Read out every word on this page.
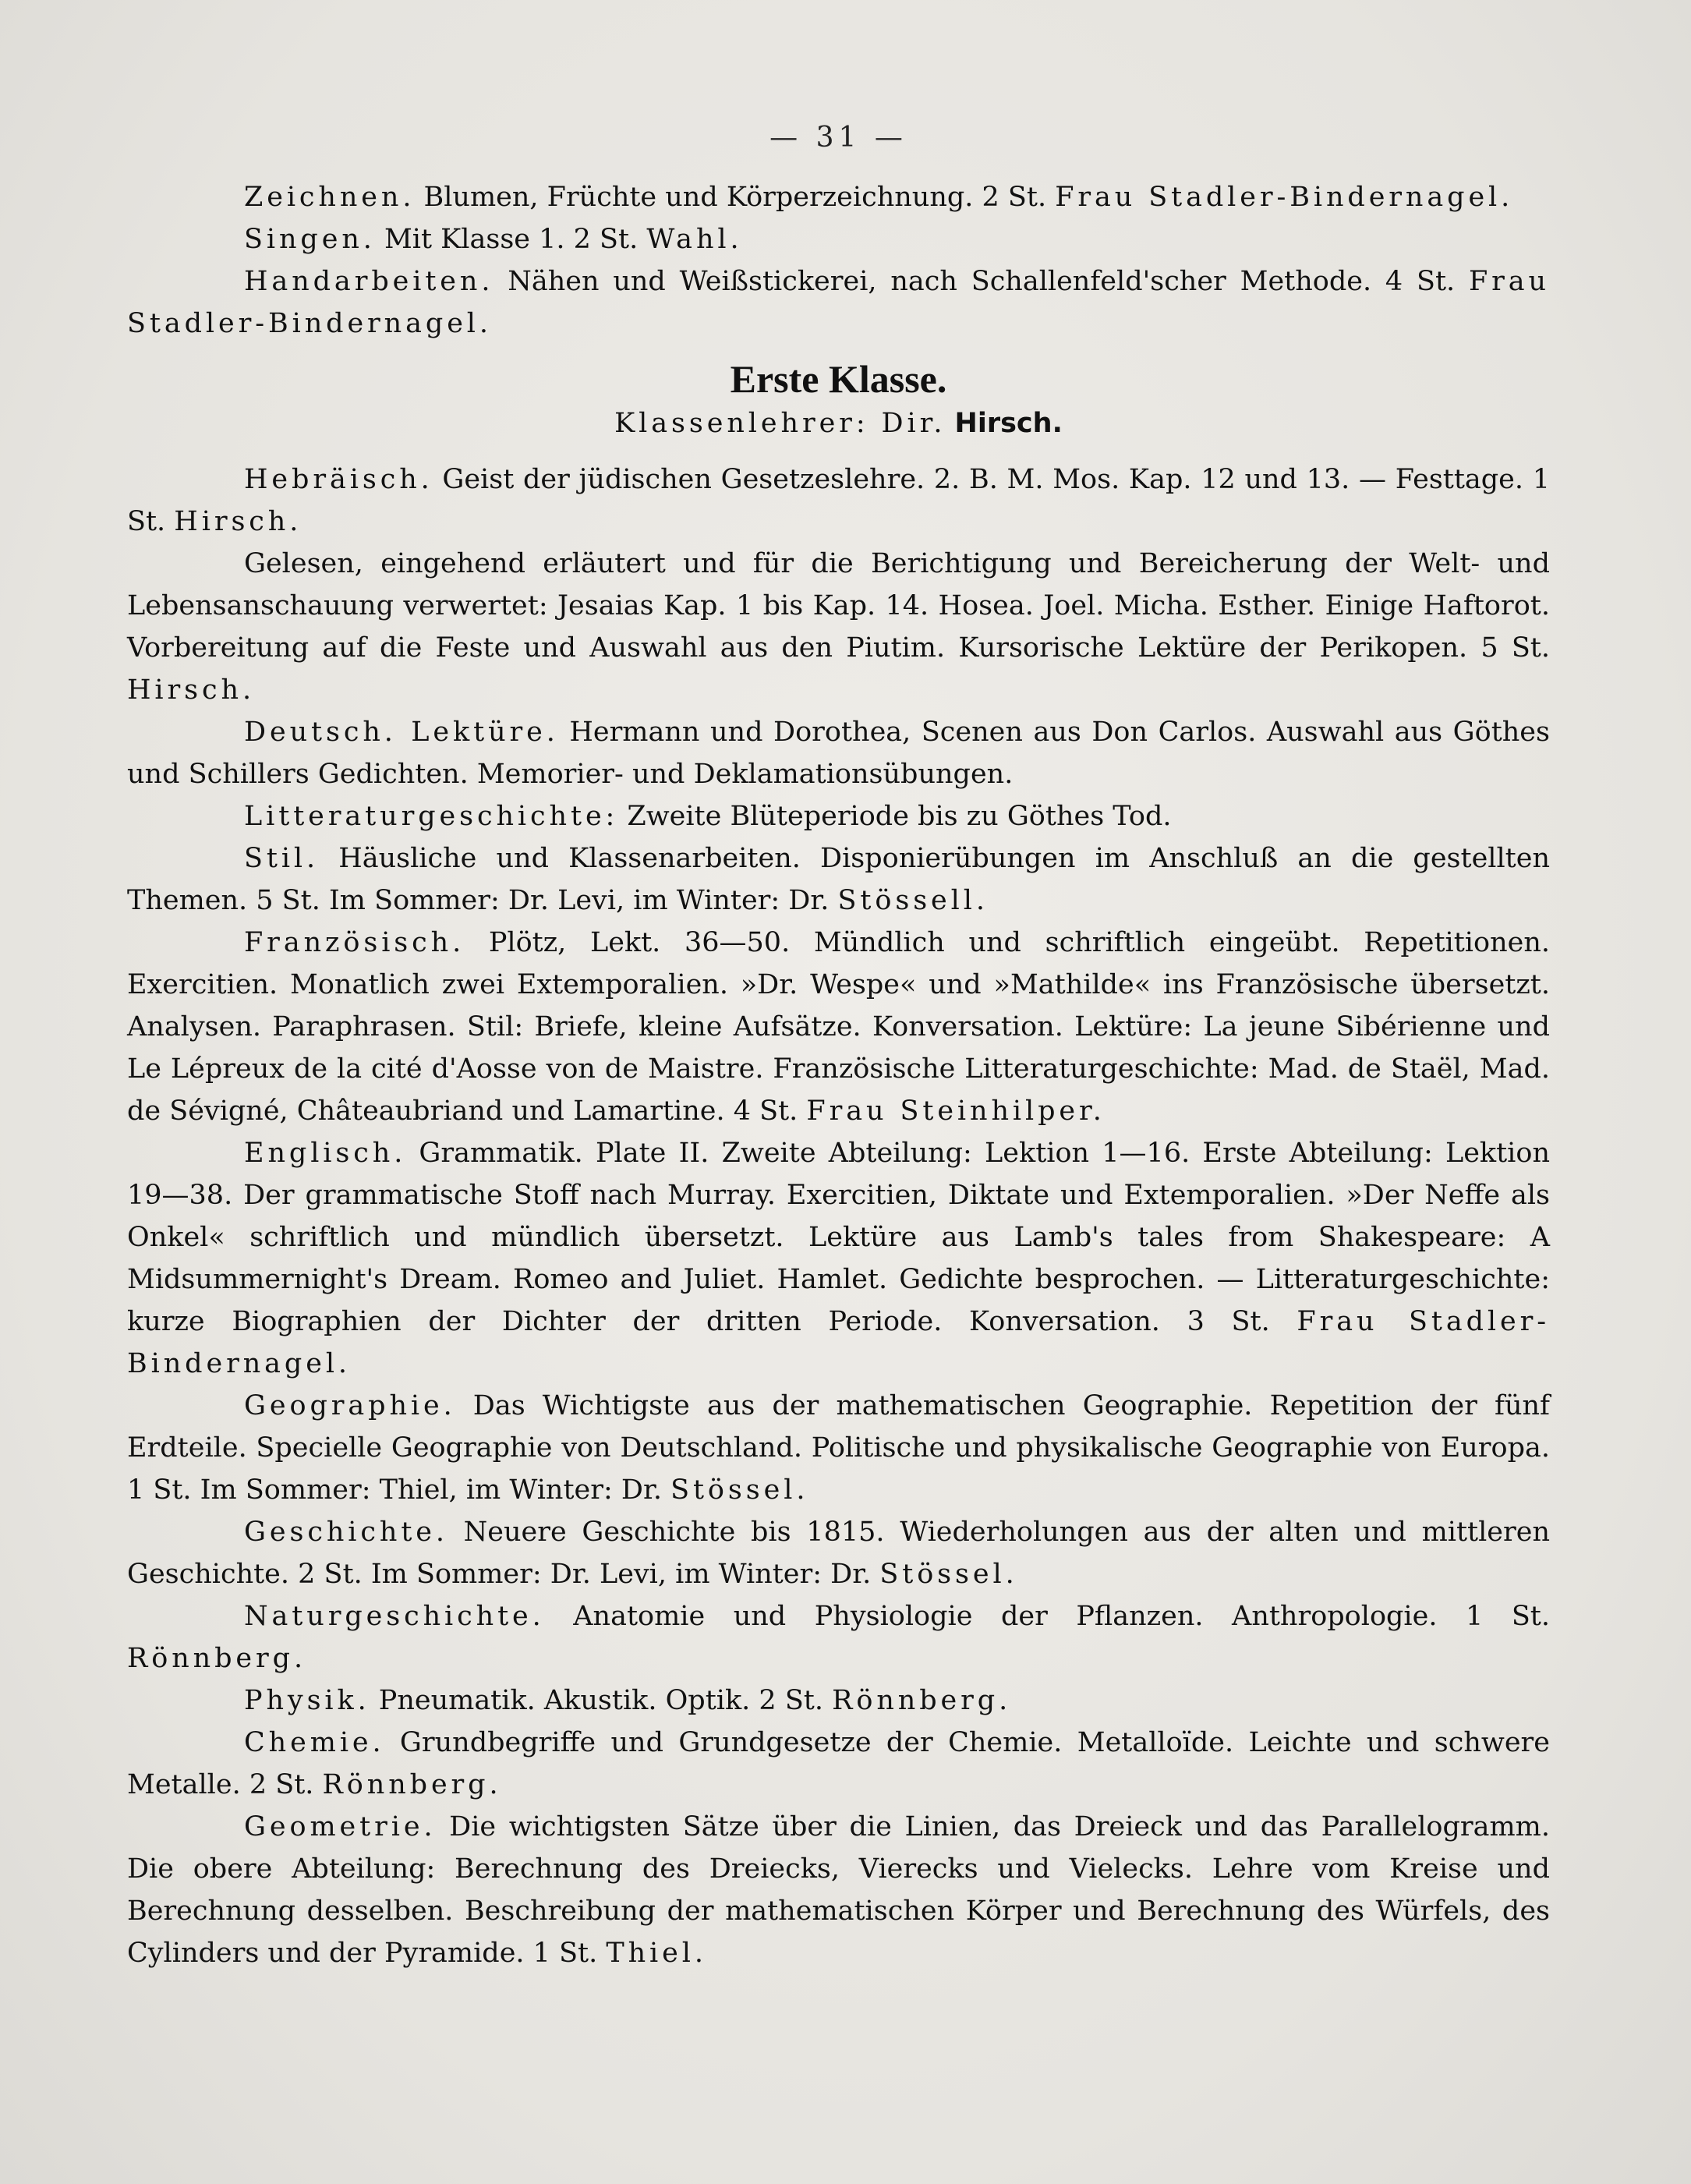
— 31 —

Zeichnen. Blumen, Früchte und Körperzeichnung. 2 St. Frau Stadler-Bindernagel.

Singen. Mit Klasse 1. 2 St. Wahl.

Handarbeiten. Nähen und Weißstickerei, nach Schallenfeld'scher Methode. 4 St. Frau Stadler-Bindernagel.

Erste Klasse.

Klassenlehrer: Dir. Hirsch.

Hebräisch. Geist der jüdischen Gesetzeslehre. 2. B. M. Mos. Kap. 12 und 13. — Festtage. 1 St. Hirsch.

Gelesen, eingehend erläutert und für die Berichtigung und Bereicherung der Welt- und Lebensanschauung verwertet: Jesaias Kap. 1 bis Kap. 14. Hosea. Joel. Micha. Esther. Einige Haftorot. Vorbereitung auf die Feste und Auswahl aus den Piutim. Kursorische Lektüre der Perikopen. 5 St. Hirsch.

Deutsch. Lektüre. Hermann und Dorothea, Scenen aus Don Carlos. Auswahl aus Göthes und Schillers Gedichten. Memorier- und Deklamationsübungen.

Litteraturgeschichte: Zweite Blüteperiode bis zu Göthes Tod.

Stil. Häusliche und Klassenarbeiten. Disponierübungen im Anschluß an die gestellten Themen. 5 St. Im Sommer: Dr. Levi, im Winter: Dr. Stössell.

Französisch. Plötz, Lekt. 36—50. Mündlich und schriftlich eingeübt. Repetitionen. Exercitien. Monatlich zwei Extemporalien. »Dr. Wespe« und »Mathilde« ins Französische übersetzt. Analysen. Paraphrasen. Stil: Briefe, kleine Aufsätze. Konversation. Lektüre: La jeune Sibérienne und Le Lépreux de la cité d'Aosse von de Maistre. Französische Litteraturgeschichte: Mad. de Staël, Mad. de Sévigné, Châteaubriand und Lamartine. 4 St. Frau Steinhilper.

Englisch. Grammatik. Plate II. Zweite Abteilung: Lektion 1—16. Erste Abteilung: Lektion 19—38. Der grammatische Stoff nach Murray. Exercitien, Diktate und Extemporalien. »Der Neffe als Onkel« schriftlich und mündlich übersetzt. Lektüre aus Lamb's tales from Shakespeare: A Midsummernight's Dream. Romeo and Juliet. Hamlet. Gedichte besprochen. — Litteraturgeschichte: kurze Biographien der Dichter der dritten Periode. Konversation. 3 St. Frau Stadler-Bindernagel.

Geographie. Das Wichtigste aus der mathematischen Geographie. Repetition der fünf Erdteile. Specielle Geographie von Deutschland. Politische und physikalische Geographie von Europa. 1 St. Im Sommer: Thiel, im Winter: Dr. Stössel.

Geschichte. Neuere Geschichte bis 1815. Wiederholungen aus der alten und mittleren Geschichte. 2 St. Im Sommer: Dr. Levi, im Winter: Dr. Stössel.

Naturgeschichte. Anatomie und Physiologie der Pflanzen. Anthropologie. 1 St. Rönnberg.

Physik. Pneumatik. Akustik. Optik. 2 St. Rönnberg.

Chemie. Grundbegriffe und Grundgesetze der Chemie. Metalloïde. Leichte und schwere Metalle. 2 St. Rönnberg.

Geometrie. Die wichtigsten Sätze über die Linien, das Dreieck und das Parallelogramm. Die obere Abteilung: Berechnung des Dreiecks, Vierecks und Vielecks. Lehre vom Kreise und Berechnung desselben. Beschreibung der mathematischen Körper und Berechnung des Würfels, des Cylinders und der Pyramide. 1 St. Thiel.
